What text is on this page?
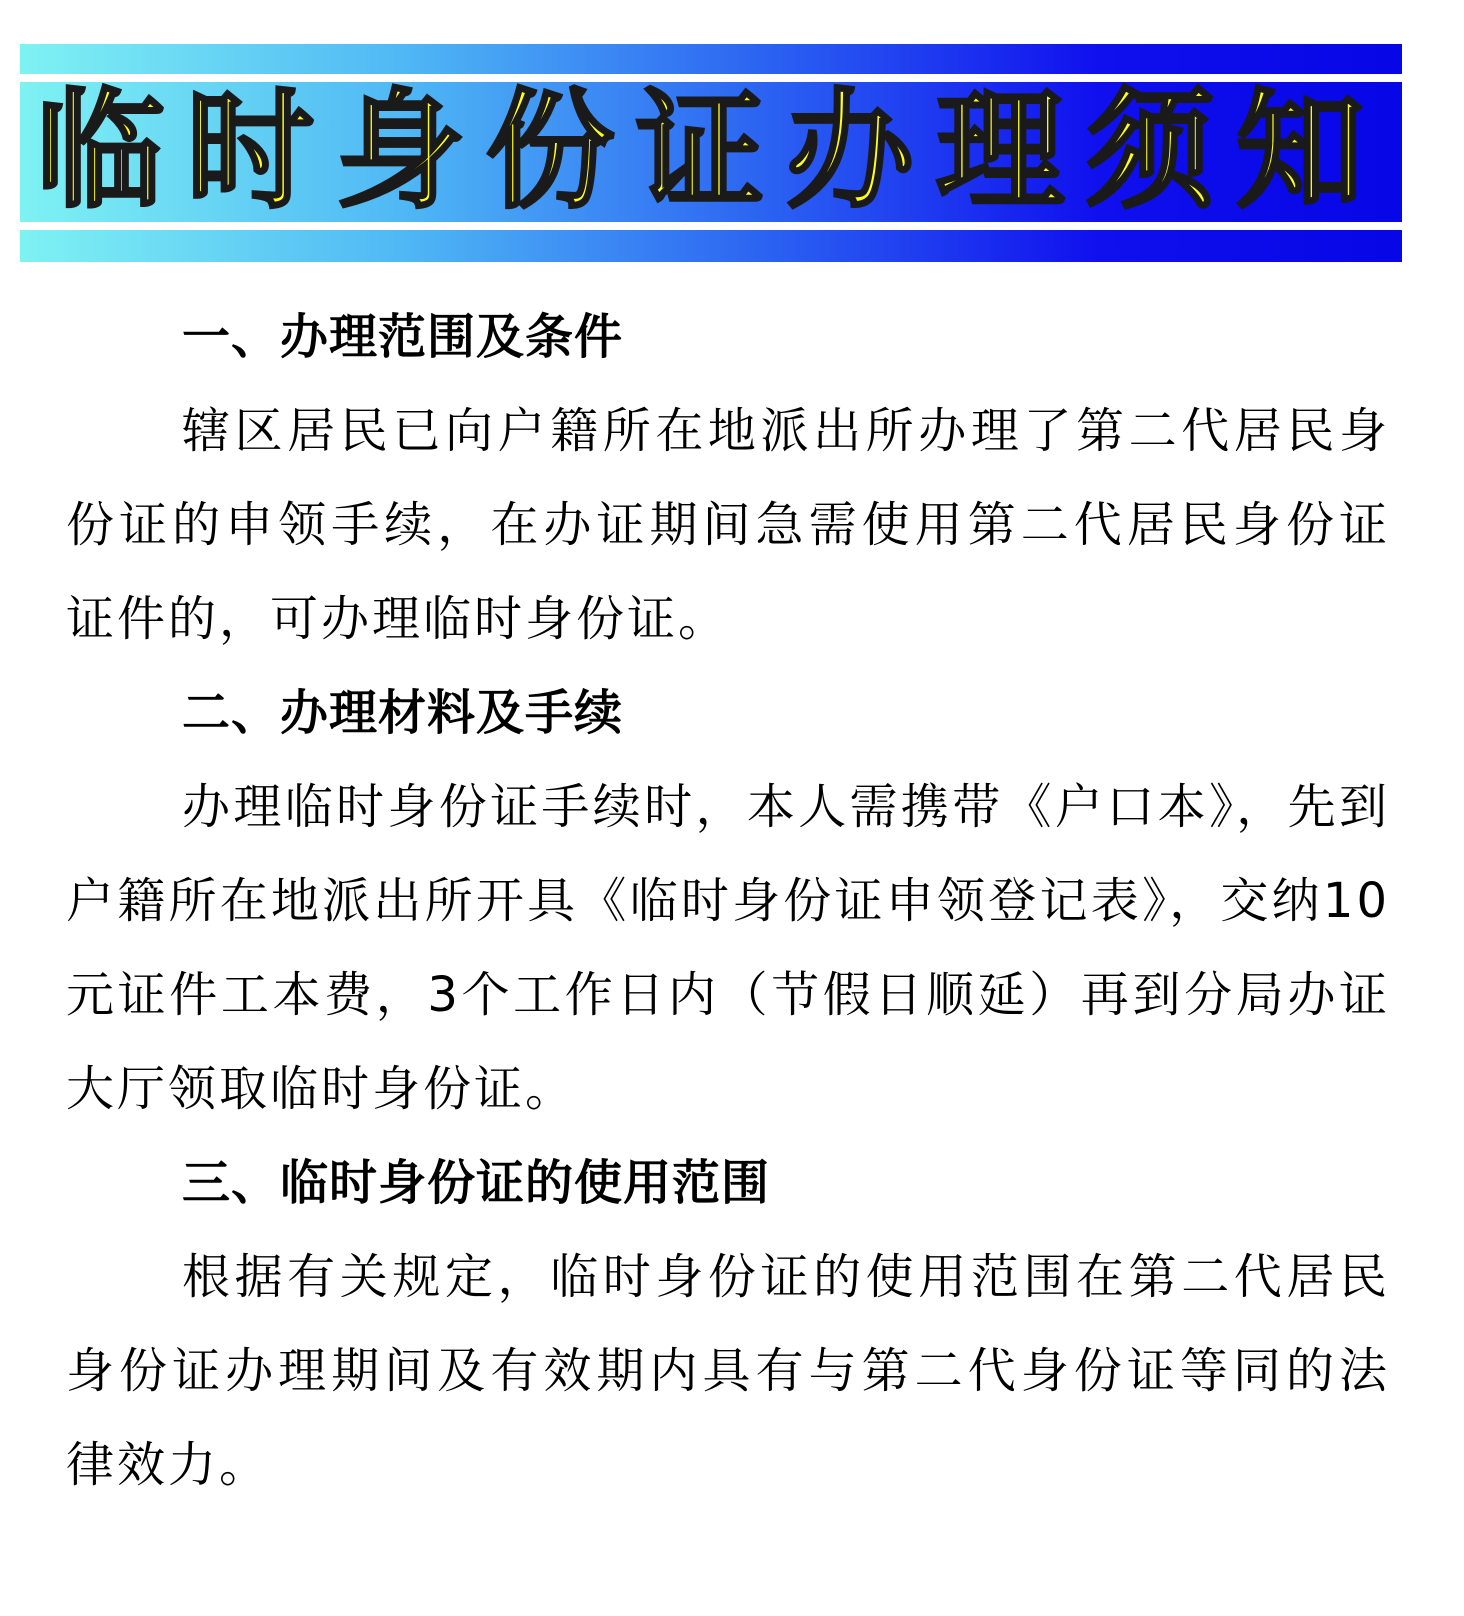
临时身份证办理须知
一、办理范围及条件

辖区居民已向户籍所在地派出所办理了第二代居民身份证的申领手续，在办证期间急需使用第二代居民身份证证件的，可办理临时身份证。

二、办理材料及手续

办理临时身份证手续时，本人需携带《户口本》，先到户籍所在地派出所开具《临时身份证申领登记表》，交纳10元证件工本费，3个工作日内（节假日顺延）再到分局办证大厅领取临时身份证。

三、临时身份证的使用范围

根据有关规定，临时身份证的使用范围在第二代居民身份证办理期间及有效期内具有与第二代身份证等同的法律效力。
